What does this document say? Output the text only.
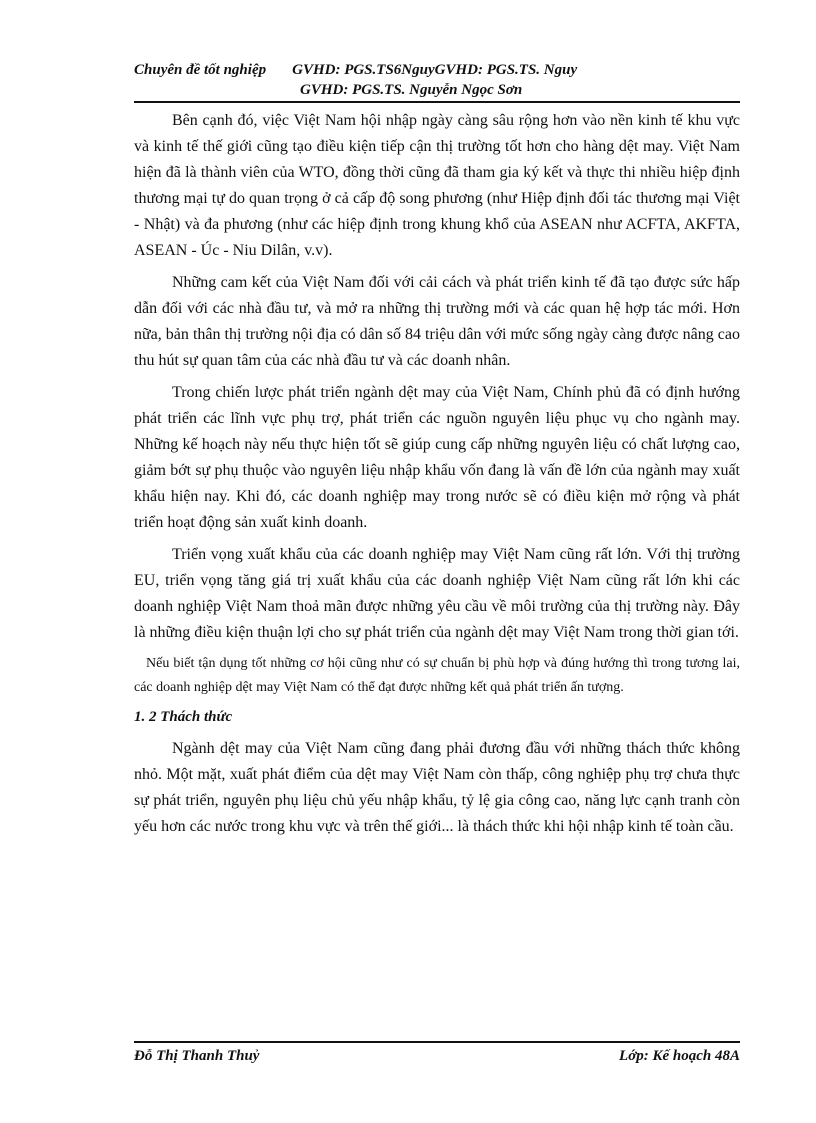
Chuyên đề tốt nghiệp GVHD: PGS.TS6NguyGVHD: PGS.TS. Nguy
GVHD: PGS.TS. Nguyễn Ngọc Sơn

Bên cạnh đó, việc Việt Nam hội nhập ngày càng sâu rộng hơn vào nền kinh tế khu vực và kinh tế thế giới cũng tạo điều kiện tiếp cận thị trường tốt hơn cho hàng dệt may. Việt Nam hiện đã là thành viên của WTO, đồng thời cũng đã tham gia ký kết và thực thi nhiều hiệp định thương mại tự do quan trọng ở cả cấp độ song phương (như Hiệp định đối tác thương mại Việt - Nhật) và đa phương (như các hiệp định trong khung khổ của ASEAN như ACFTA, AKFTA, ASEAN - Úc - Niu Dilân, v.v).

Những cam kết của Việt Nam đối với cải cách và phát triển kinh tế đã tạo được sức hấp dẫn đối với các nhà đầu tư, và mở ra những thị trường mới và các quan hệ hợp tác mới. Hơn nữa, bản thân thị trường nội địa có dân số 84 triệu dân với mức sống ngày càng được nâng cao thu hút sự quan tâm của các nhà đầu tư và các doanh nhân.

Trong chiến lược phát triển ngành dệt may của Việt Nam, Chính phủ đã có định hướng phát triển các lĩnh vực phụ trợ, phát triển các nguồn nguyên liệu phục vụ cho ngành may. Những kế hoạch này nếu thực hiện tốt sẽ giúp cung cấp những nguyên liệu có chất lượng cao, giảm bớt sự phụ thuộc vào nguyên liệu nhập khẩu vốn đang là vấn đề lớn của ngành may xuất khẩu hiện nay. Khi đó, các doanh nghiệp may trong nước sẽ có điều kiện mở rộng và phát triển hoạt động sản xuất kinh doanh.

Triển vọng xuất khẩu của các doanh nghiệp may Việt Nam cũng rất lớn. Với thị trường EU, triển vọng tăng giá trị xuất khẩu của các doanh nghiệp Việt Nam cũng rất lớn khi các doanh nghiệp Việt Nam thoả mãn được những yêu cầu về môi trường của thị trường này. Đây là những điều kiện thuận lợi cho sự phát triển của ngành dệt may Việt Nam trong thời gian tới.

Nếu biết tận dụng tốt những cơ hội cũng như có sự chuẩn bị phù hợp và đúng hướng thì trong tương lai, các doanh nghiệp dệt may Việt Nam có thể đạt được những kết quả phát triển ấn tượng.

1. 2 Thách thức

Ngành dệt may của Việt Nam cũng đang phải đương đầu với những thách thức không nhỏ. Một mặt, xuất phát điểm của dệt may Việt Nam còn thấp, công nghiệp phụ trợ chưa thực sự phát triển, nguyên phụ liệu chủ yếu nhập khẩu, tỷ lệ gia công cao, năng lực cạnh tranh còn yếu hơn các nước trong khu vực và trên thế giới... là thách thức khi hội nhập kinh tế toàn cầu.

Đỗ Thị Thanh Thuỷ	Lớp: Kế hoạch 48A
